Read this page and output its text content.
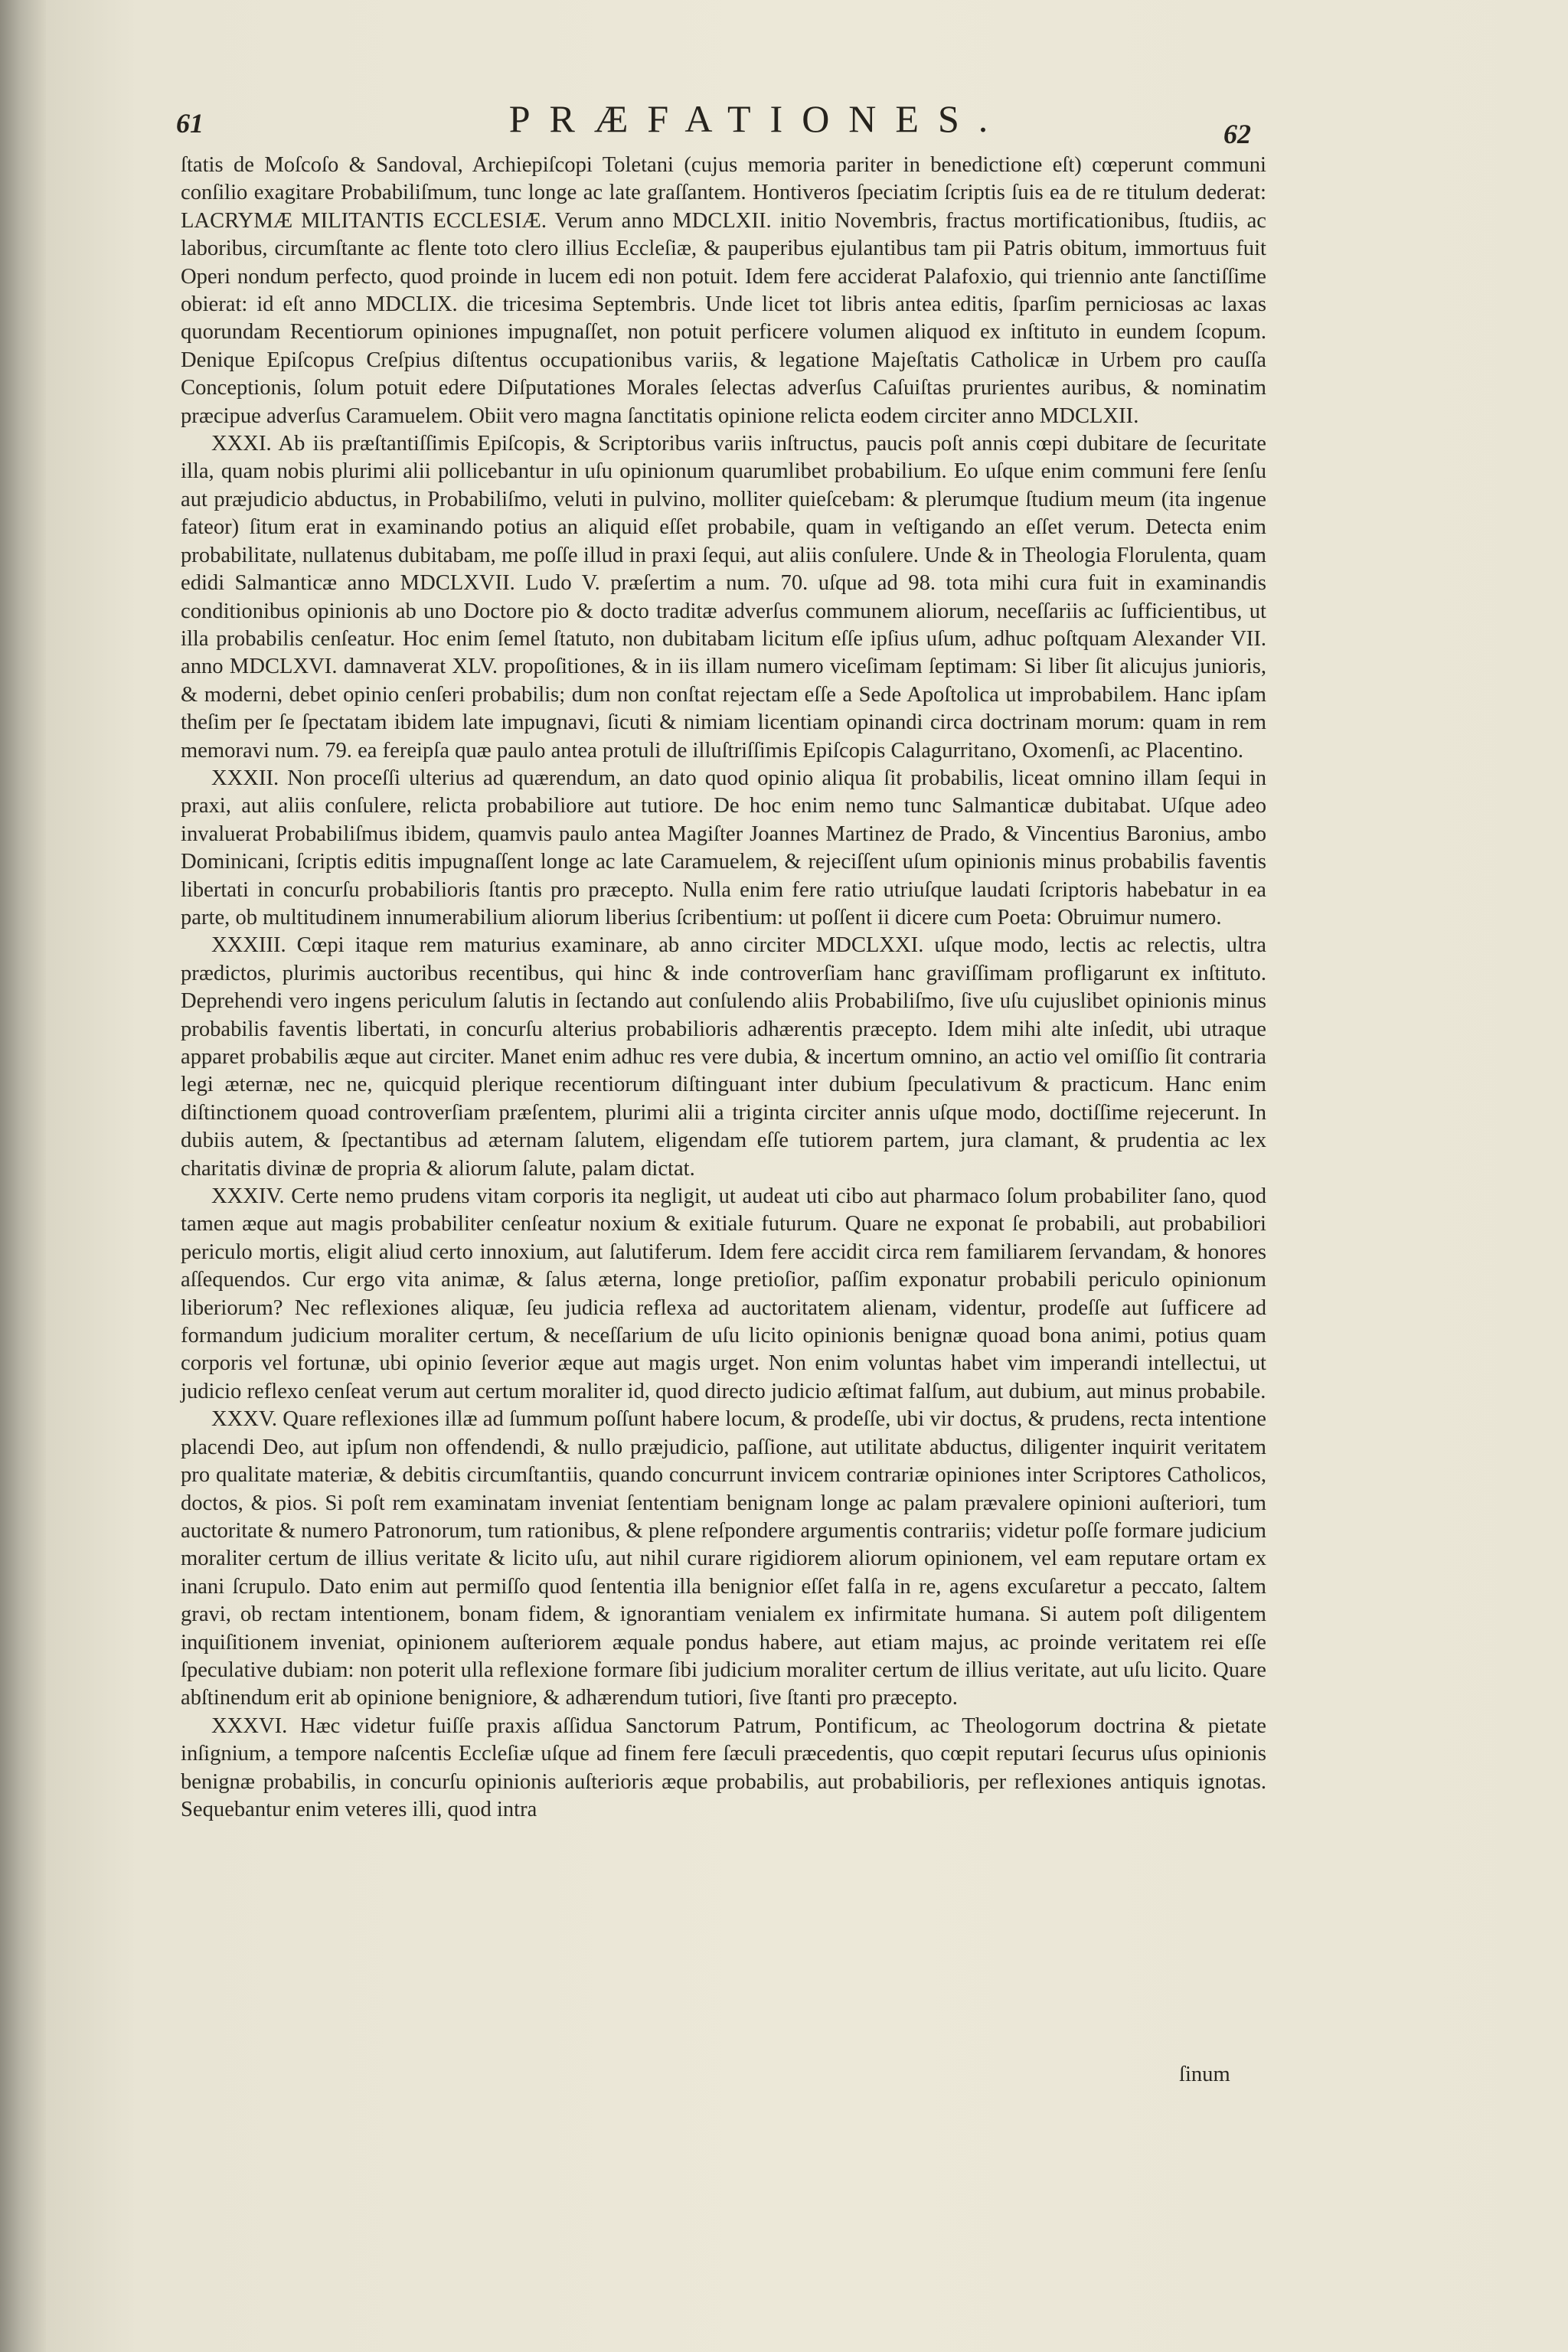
61	PRÆFATIONES.	62

ſtatis de Moſcoſo & Sandoval, Archiepiſcopi Toletani (cujus memoria pariter in benedictione eſt) cœperunt communi conſilio exagitare Probabiliſmum, tunc longe ac late graſſantem. Hontiveros ſpeciatim ſcriptis ſuis ea de re titulum dederat: LACRYMÆ MILITANTIS ECCLESIÆ. Verum anno MDCLXII. initio Novembris, fractus mortificationibus, ſtudiis, ac laboribus, circumſtante ac flente toto clero illius Eccleſiæ, & pauperibus ejulantibus tam pii Patris obitum, immortuus fuit Operi nondum perfecto, quod proinde in lucem edi non potuit. Idem fere acciderat Palafoxio, qui triennio ante ſanctiſſime obierat: id eſt anno MDCLIX. die tricesima Septembris. Unde licet tot libris antea editis, ſparſim perniciosas ac laxas quorundam Recentiorum opiniones impugnaſſet, non potuit perficere volumen aliquod ex inſtituto in eundem ſcopum. Denique Epiſcopus Creſpius diſtentus occupationibus variis, & legatione Majeſtatis Catholicæ in Urbem pro cauſſa Conceptionis, ſolum potuit edere Diſputationes Morales ſelectas adverſus Caſuiſtas prurientes auribus, & nominatim præcipue adverſus Caramuelem. Obiit vero magna ſanctitatis opinione relicta eodem circiter anno MDCLXII.

XXXI. Ab iis præſtantiſſimis Epiſcopis, & Scriptoribus variis inſtructus, paucis poſt annis cœpi dubitare de ſecuritate illa, quam nobis plurimi alii pollicebantur in uſu opinionum quarumlibet probabilium. Eo uſque enim communi fere ſenſu aut præjudicio abductus, in Probabiliſmo, veluti in pulvino, molliter quieſcebam: & plerumque ſtudium meum (ita ingenue fateor) ſitum erat in examinando potius an aliquid eſſet probabile, quam in veſtigando an eſſet verum. Detecta enim probabilitate, nullatenus dubitabam, me poſſe illud in praxi ſequi, aut aliis conſulere. Unde & in Theologia Florulenta, quam edidi Salmanticæ anno MDCLXVII. Ludo V. præſertim a num. 70. uſque ad 98. tota mihi cura fuit in examinandis conditionibus opinionis ab uno Doctore pio & docto traditæ adverſus communem aliorum, neceſſariis ac ſufficientibus, ut illa probabilis cenſeatur. Hoc enim ſemel ſtatuto, non dubitabam licitum eſſe ipſius uſum, adhuc poſtquam Alexander VII. anno MDCLXVI. damnaverat XLV. propoſitiones, & in iis illam numero viceſimam ſeptimam: Si liber ſit alicujus junioris, & moderni, debet opinio cenſeri probabilis; dum non conſtat rejectam eſſe a Sede Apoſtolica ut improbabilem. Hanc ipſam theſim per ſe ſpectatam ibidem late impugnavi, ſicuti & nimiam licentiam opinandi circa doctrinam morum: quam in rem memoravi num. 79. ea fereipſa quæ paulo antea protuli de illuſtriſſimis Epiſcopis Calagurritano, Oxomenſi, ac Placentino.

XXXII. Non proceſſi ulterius ad quærendum, an dato quod opinio aliqua ſit probabilis, liceat omnino illam ſequi in praxi, aut aliis conſulere, relicta probabiliore aut tutiore. De hoc enim nemo tunc Salmanticæ dubitabat. Uſque adeo invaluerat Probabiliſmus ibidem, quamvis paulo antea Magiſter Joannes Martinez de Prado, & Vincentius Baronius, ambo Dominicani, ſcriptis editis impugnaſſent longe ac late Caramuelem, & rejeciſſent uſum opinionis minus probabilis faventis libertati in concurſu probabilioris ſtantis pro præcepto. Nulla enim fere ratio utriuſque laudati ſcriptoris habebatur in ea parte, ob multitudinem innumerabilium aliorum liberius ſcribentium: ut poſſent ii dicere cum Poeta: Obruimur numero.

XXXIII. Cœpi itaque rem maturius examinare, ab anno circiter MDCLXXI. uſque modo, lectis ac relectis, ultra prædictos, plurimis auctoribus recentibus, qui hinc & inde controverſiam hanc graviſſimam profligarunt ex inſtituto. Deprehendi vero ingens periculum ſalutis in ſectando aut conſulendo aliis Probabiliſmo, ſive uſu cujuslibet opinionis minus probabilis faventis libertati, in concurſu alterius probabilioris adhærentis præcepto. Idem mihi alte inſedit, ubi utraque apparet probabilis æque aut circiter. Manet enim adhuc res vere dubia, & incertum omnino, an actio vel omiſſio ſit contraria legi æternæ, nec ne, quicquid plerique recentiorum diſtinguant inter dubium ſpeculativum & practicum. Hanc enim diſtinctionem quoad controverſiam præſentem, plurimi alii a triginta circiter annis uſque modo, doctiſſime rejecerunt. In dubiis autem, & ſpectantibus ad æternam ſalutem, eligendam eſſe tutiorem partem, jura clamant, & prudentia ac lex charitatis divinæ de propria & aliorum ſalute, palam dictat.

XXXIV. Certe nemo prudens vitam corporis ita negligit, ut audeat uti cibo aut pharmaco ſolum probabiliter ſano, quod tamen æque aut magis probabiliter cenſeatur noxium & exitiale futurum. Quare ne exponat ſe probabili, aut probabiliori periculo mortis, eligit aliud certo innoxium, aut ſalutiferum. Idem fere accidit circa rem familiarem ſervandam, & honores aſſequendos. Cur ergo vita animæ, & ſalus æterna, longe pretioſior, paſſim exponatur probabili periculo opinionum liberiorum? Nec reflexiones aliquæ, ſeu judicia reflexa ad auctoritatem alienam, videntur, prodeſſe aut ſufficere ad formandum judicium moraliter certum, & neceſſarium de uſu licito opinionis benignæ quoad bona animi, potius quam corporis vel fortunæ, ubi opinio ſeverior æque aut magis urget. Non enim voluntas habet vim imperandi intellectui, ut judicio reflexo cenſeat verum aut certum moraliter id, quod directo judicio æſtimat falſum, aut dubium, aut minus probabile.

XXXV. Quare reflexiones illæ ad ſummum poſſunt habere locum, & prodeſſe, ubi vir doctus, & prudens, recta intentione placendi Deo, aut ipſum non offendendi, & nullo præjudicio, paſſione, aut utilitate abductus, diligenter inquirit veritatem pro qualitate materiæ, & debitis circumſtantiis, quando concurrunt invicem contrariæ opiniones inter Scriptores Catholicos, doctos, & pios. Si poſt rem examinatam inveniat ſententiam benignam longe ac palam prævalere opinioni auſteriori, tum auctoritate & numero Patronorum, tum rationibus, & plene reſpondere argumentis contrariis; videtur poſſe formare judicium moraliter certum de illius veritate & licito uſu, aut nihil curare rigidiorem aliorum opinionem, vel eam reputare ortam ex inani ſcrupulo. Dato enim aut permiſſo quod ſententia illa benignior eſſet falſa in re, agens excuſaretur a peccato, ſaltem gravi, ob rectam intentionem, bonam fidem, & ignorantiam venialem ex infirmitate humana. Si autem poſt diligentem inquiſitionem inveniat, opinionem auſteriorem æquale pondus habere, aut etiam majus, ac proinde veritatem rei eſſe ſpeculative dubiam: non poterit ulla reflexione formare ſibi judicium moraliter certum de illius veritate, aut uſu licito. Quare abſtinendum erit ab opinione benigniore, & adhærendum tutiori, ſive ſtanti pro præcepto.

XXXVI. Hæc videtur fuiſſe praxis aſſidua Sanctorum Patrum, Pontificum, ac Theologorum doctrina & pietate inſignium, a tempore naſcentis Eccleſiæ uſque ad finem fere ſæculi præcedentis, quo cœpit reputari ſecurus uſus opinionis benignæ probabilis, in concurſu opinionis auſterioris æque probabilis, aut probabilioris, per reflexiones antiquis ignotas. Sequebantur enim veteres illi, quod intra

ſinum
